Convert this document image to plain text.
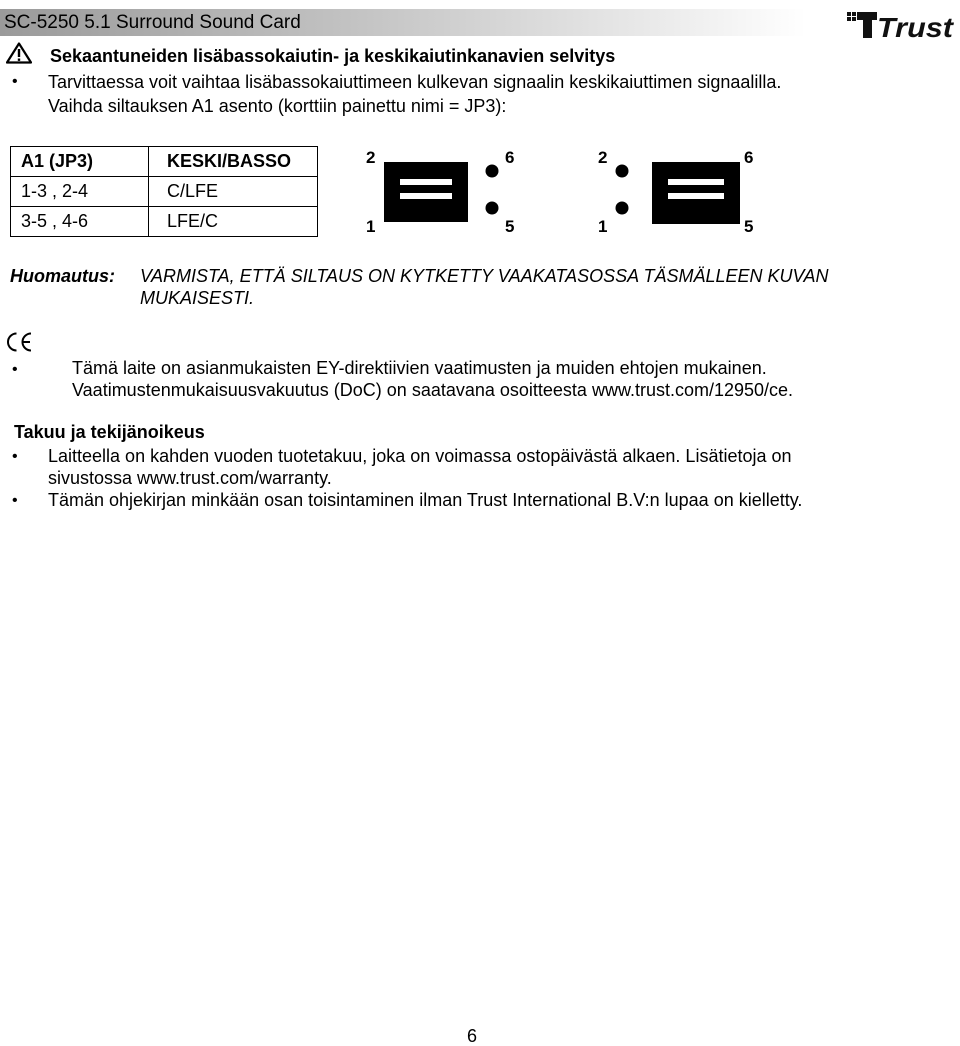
SC-5250 5.1 Surround Sound Card	Trust
Sekaantuneiden lisäbassokaiutin- ja keskikaiutinkanavien selvitys
• Tarvittaessa voit vaihtaa lisäbassokaiuttimeen kulkevan signaalin keskikaiuttimen signaalilla.
Vaihda siltauksen A1 asento (korttiin painettu nimi = JP3):
A1 (JP3)	KESKI/BASSO
1-3 , 2-4	C/LFE
3-5 , 4-6	LFE/C
2
1
6
5
2
1
6
5
Huomautus: VARMISTA, ETTÄ SILTAUS ON KYTKETTY VAAKATASOSSA TÄSMÄLLEEN KUVAN MUKAISESTI.
•	Tämä laite on asianmukaisten EY-direktiivien vaatimusten ja muiden ehtojen mukainen.
Vaatimustenmukaisuusvakuutus (DoC) on saatavana osoitteesta www.trust.com/12950/ce.
Takuu ja tekijänoikeus
• Laitteella on kahden vuoden tuotetakuu, joka on voimassa ostopäivästä alkaen. Lisätietoja on
sivustossa www.trust.com/warranty.
• Tämän ohjekirjan minkään osan toisintaminen ilman Trust International B.V:n lupaa on kielletty.
6
